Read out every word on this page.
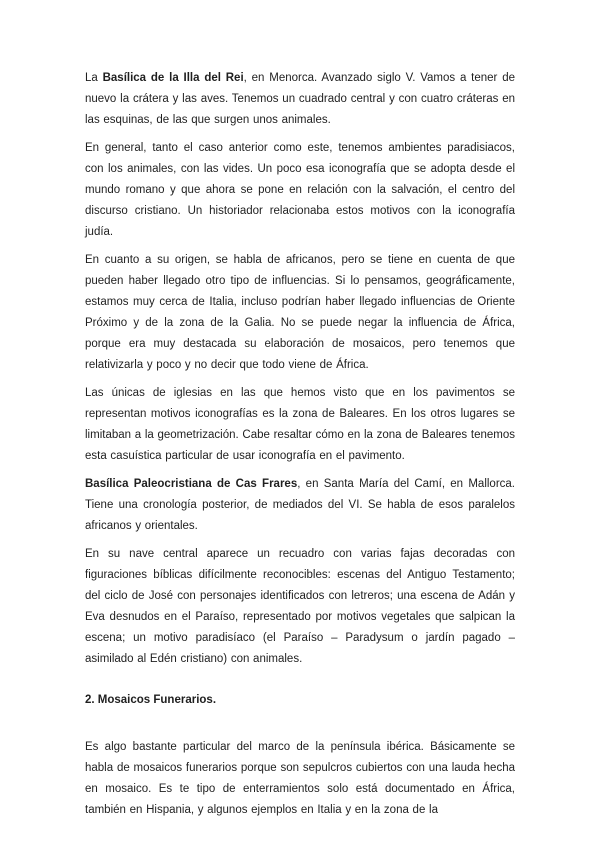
La Basílica de la Illa del Rei, en Menorca. Avanzado siglo V. Vamos a tener de nuevo la crátera y las aves. Tenemos un cuadrado central y con cuatro cráteras en las esquinas, de las que surgen unos animales.

En general, tanto el caso anterior como este, tenemos ambientes paradisiacos, con los animales, con las vides. Un poco esa iconografía que se adopta desde el mundo romano y que ahora se pone en relación con la salvación, el centro del discurso cristiano. Un historiador relacionaba estos motivos con la iconografía judía.

En cuanto a su origen, se habla de africanos, pero se tiene en cuenta de que pueden haber llegado otro tipo de influencias. Si lo pensamos, geográficamente, estamos muy cerca de Italia, incluso podrían haber llegado influencias de Oriente Próximo y de la zona de la Galia. No se puede negar la influencia de África, porque era muy destacada su elaboración de mosaicos, pero tenemos que relativizarla y poco y no decir que todo viene de África.

Las únicas de iglesias en las que hemos visto que en los pavimentos se representan motivos iconografías es la zona de Baleares. En los otros lugares se limitaban a la geometrización. Cabe resaltar cómo en la zona de Baleares tenemos esta casuística particular de usar iconografía en el pavimento.

Basílica Paleocristiana de Cas Frares, en Santa María del Camí, en Mallorca. Tiene una cronología posterior, de mediados del VI. Se habla de esos paralelos africanos y orientales.

En su nave central aparece un recuadro con varias fajas decoradas con figuraciones bíblicas difícilmente reconocibles: escenas del Antiguo Testamento; del ciclo de José con personajes identificados con letreros; una escena de Adán y Eva desnudos en el Paraíso, representado por motivos vegetales que salpican la escena; un motivo paradisíaco (el Paraíso – Paradysum o jardín pagado – asimilado al Edén cristiano) con animales.

2. Mosaicos Funerarios.

Es algo bastante particular del marco de la península ibérica. Básicamente se habla de mosaicos funerarios porque son sepulcros cubiertos con una lauda hecha en mosaico. Es te tipo de enterramientos solo está documentado en África, también en Hispania, y algunos ejemplos en Italia y en la zona de la
